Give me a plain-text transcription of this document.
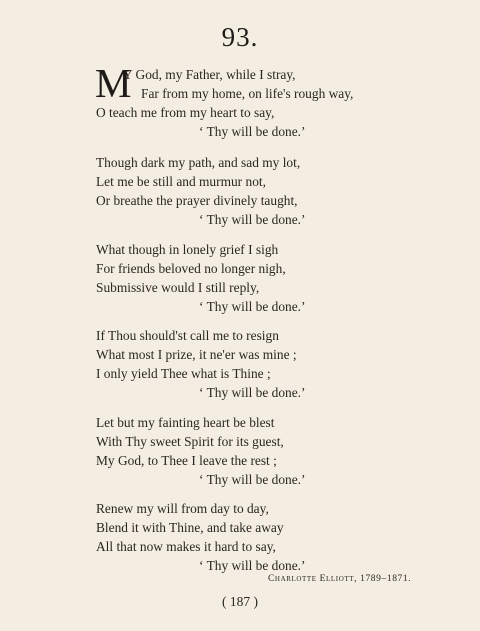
93.
M
Y God, my Father, while I stray,
Far from my home, on life's rough way,
O teach me from my heart to say,
‘ Thy will be done.’
Though dark my path, and sad my lot,
Let me be still and murmur not,
Or breathe the prayer divinely taught,
‘ Thy will be done.’
What though in lonely grief I sigh
For friends beloved no longer nigh,
Submissive would I still reply,
‘ Thy will be done.’
If Thou should'st call me to resign
What most I prize, it ne'er was mine ;
I only yield Thee what is Thine ;
‘ Thy will be done.’
Let but my fainting heart be blest
With Thy sweet Spirit for its guest,
My God, to Thee I leave the rest ;
‘ Thy will be done.’
Renew my will from day to day,
Blend it with Thine, and take away
All that now makes it hard to say,
‘ Thy will be done.’
Charlotte Elliott, 1789–1871.
( 187 )
